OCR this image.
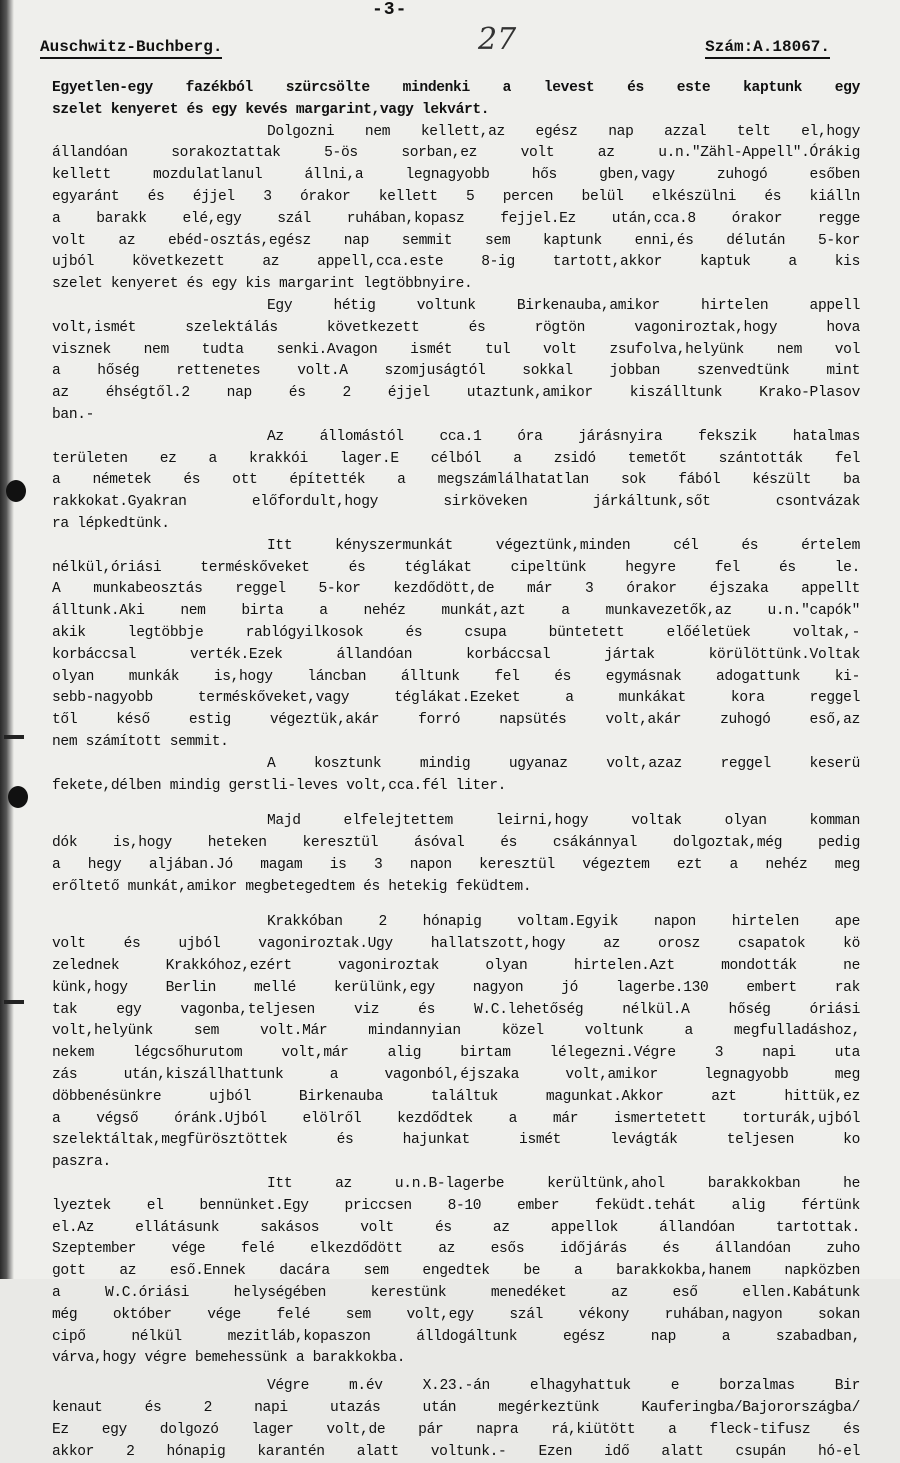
-3-
Auschwitz-Buchberg.	Szám:A.18067.
27
Egyetlen-egy fazékból szürcsölte mindenki a levest és este kaptunk egy
szelet kenyeret és egy kevés margarint,vagy lekvárt.
Dolgozni nem kellett,az egész nap azzal telt el,hogy
állandóan sorakoztattak 5-ös sorban,ez volt az u.n."Zähl-Appell".Órákig
kellett mozdulatlanul állni,a legnagyobb hős gben,vagy zuhogó esőben
egyaránt és éjjel 3 órakor kellett 5 percen belül elkészülni és kiálln
a barakk elé,egy szál ruhában,kopasz fejjel.Ez után,cca.8 órakor regge
volt az ebéd-osztás,egész nap semmit sem kaptunk enni,és délután 5-kor
ujból következett az appell,cca.este 8-ig tartott,akkor kaptuk a kis
szelet kenyeret és egy kis margarint legtöbbnyire.
Egy hétig voltunk Birkenauba,amikor hirtelen appell
volt,ismét szelektálás következett és rögtön vagoniroztak,hogy hova
visznek nem tudta senki.Avagon ismét tul volt zsufolva,helyünk nem vol
a hőség rettenetes volt.A szomjuságtól sokkal jobban szenvedtünk mint
az éhségtől.2 nap és 2 éjjel utaztunk,amikor kiszálltunk Krako-Plasov
ban.-
Az állomástól cca.1 óra járásnyira fekszik hatalmas
területen ez a krakkói lager.E célból a zsidó temetőt szántották fel
a németek és ott építették a megszámlálhatatlan sok fából készült ba
rakkokat.Gyakran előfordult,hogy sirköveken járkáltunk,sőt csontvázak
ra lépkedtünk.
Itt kényszermunkát végeztünk,minden cél és értelem
nélkül,óriási terméskőveket és téglákat cipeltünk hegyre fel és le.
A munkabeosztás reggel 5-kor kezdődött,de már 3 órakor éjszaka appellt
álltunk.Aki nem birta a nehéz munkát,azt a munkavezetők,az u.n."capók"
akik legtöbbje rablógyilkosok és csupa büntetett előéletüek voltak,-
korbáccsal verték.Ezek állandóan korbáccsal jártak körülöttünk.Voltak
olyan munkák is,hogy láncban álltunk fel és egymásnak adogattunk ki-
sebb-nagyobb terméskőveket,vagy téglákat.Ezeket a munkákat kora reggel
től késő estig végeztük,akár forró napsütés volt,akár zuhogó eső,az
nem számított semmit.
A kosztunk mindig ugyanaz volt,azaz reggel keserü
fekete,délben mindig gerstli-leves volt,cca.fél liter.
Majd elfelejtettem leirni,hogy voltak olyan komman
dók is,hogy heteken keresztül ásóval és csákánnyal dolgoztak,még pedig
a hegy aljában.Jó magam is 3 napon keresztül végeztem ezt a nehéz meg
erőltető munkát,amikor megbetegedtem és hetekig feküdtem.
Krakkóban 2 hónapig voltam.Egyik napon hirtelen ape
volt és ujból vagoniroztak.Ugy hallatszott,hogy az orosz csapatok kö
zelednek Krakkóhoz,ezért vagoniroztak olyan hirtelen.Azt mondották ne
künk,hogy Berlin mellé kerülünk,egy nagyon jó lagerbe.130 embert rak
tak egy vagonba,teljesen viz és W.C.lehetőség nélkül.A hőség óriási
volt,helyünk sem volt.Már mindannyian közel voltunk a megfulladáshoz,
nekem légcsőhurutom volt,már alig birtam lélegezni.Végre 3 napi uta
zás után,kiszállhattunk a vagonból,éjszaka volt,amikor legnagyobb meg
döbbenésünkre ujból Birkenauba találtuk magunkat.Akkor azt hittük,ez
a végső óránk.Ujból elölről kezdődtek a már ismertetett torturák,ujból
szelektáltak,megfürösztöttek és hajunkat ismét levágták teljesen ko
paszra.
Itt az u.n.B-lagerbe kerültünk,ahol barakkokban he
lyeztek el bennünket.Egy priccsen 8-10 ember feküdt.tehát alig fértünk
el.Az ellátásunk sakásos volt és az appellok állandóan tartottak.
Szeptember vége felé elkezdődött az esős időjárás és állandóan zuho
gott az eső.Ennek dacára sem engedtek be a barakkokba,hanem napközben
a W.C.óriási helységében kerestünk menedéket az eső ellen.Kabátunk
még október vége felé sem volt,egy szál vékony ruhában,nagyon sokan
cipő nélkül mezitláb,kopaszon álldogáltunk egész nap a szabadban,
várva,hogy végre bemehessünk a barakkokba.
Végre m.év X.23.-án elhagyhattuk e borzalmas Bir
kenaut és 2 napi utazás után megérkeztünk Kauferingba/Bajorországba/
Ez egy dolgozó lager volt,de pár napra rá,kiütött a fleck-tifusz és
akkor 2 hónapig karantén alatt voltunk.- Ezen idő alatt csupán hó-el
